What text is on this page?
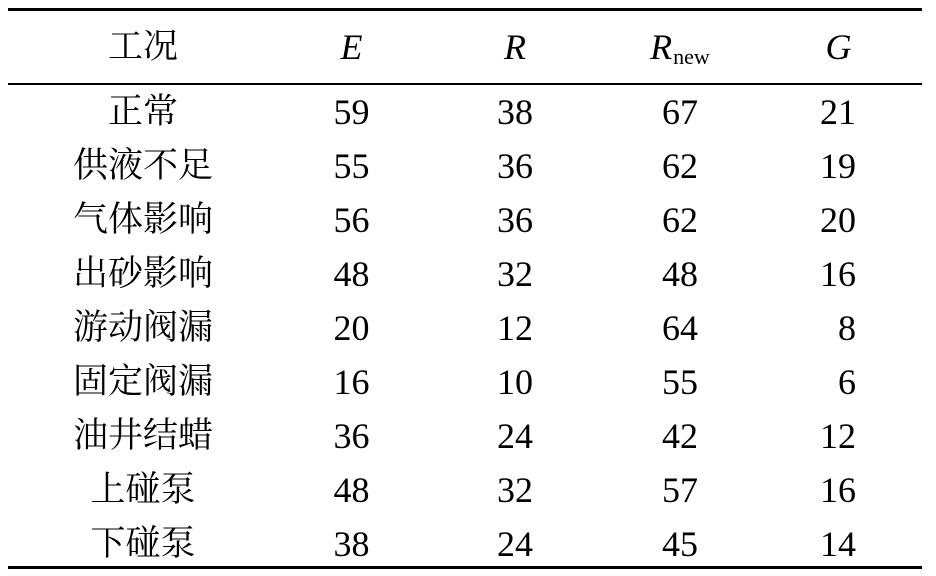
工况	E	R	R new	G
正常	59	38	67	21
供液不足	55	36	62	19
气体影响	56	36	62	20
出砂影响	48	32	48	16
游动阀漏	20	12	64	8
固定阀漏	16	10	55	6
油井结蜡	36	24	42	12
上碰泵	48	32	57	16
下碰泵	38	24	45	14
